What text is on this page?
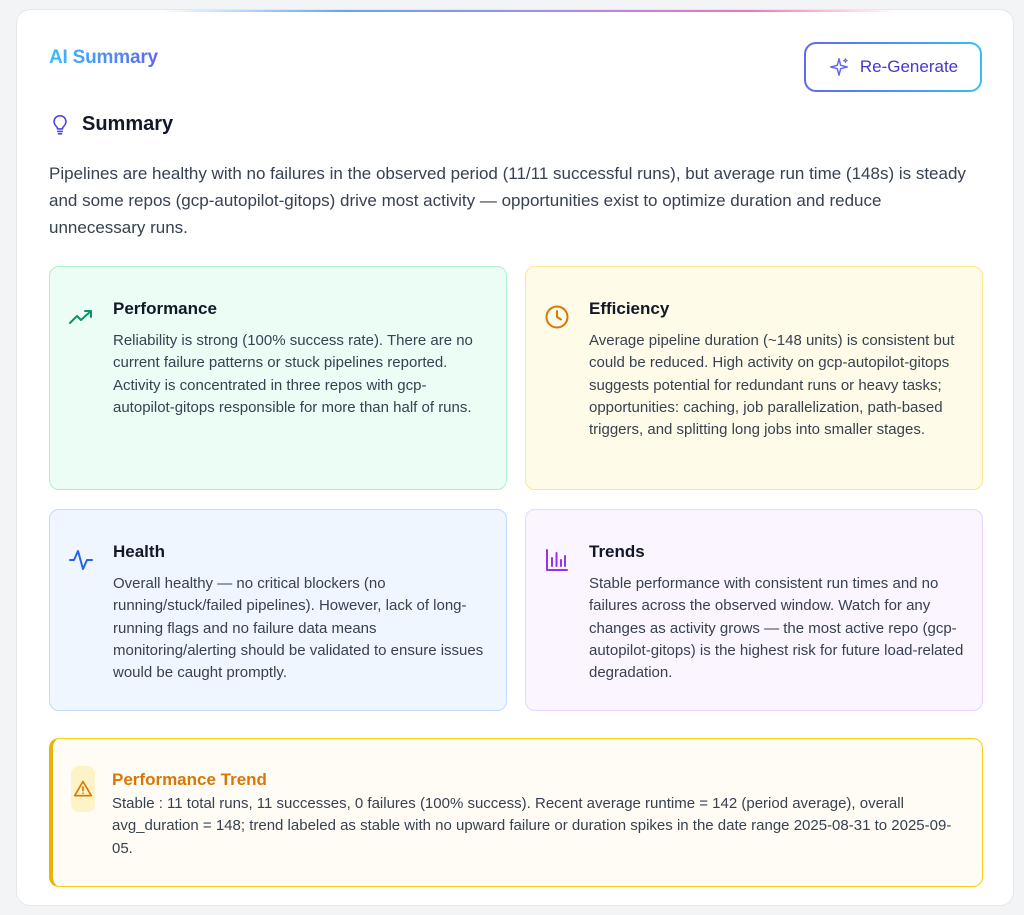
AI Summary	Re-Generate
Summary
Pipelines are healthy with no failures in the observed period (11/11 successful runs), but average run time (148s) is steady and some repos (gcp-autopilot-gitops) drive most activity — opportunities exist to optimize duration and reduce unnecessary runs.
Performance
Reliability is strong (100% success rate). There are no current failure patterns or stuck pipelines reported. Activity is concentrated in three repos with gcp-autopilot-gitops responsible for more than half of runs.
Efficiency
Average pipeline duration (~148 units) is consistent but could be reduced. High activity on gcp-autopilot-gitops suggests potential for redundant runs or heavy tasks; opportunities: caching, job parallelization, path-based triggers, and splitting long jobs into smaller stages.
Health
Overall healthy — no critical blockers (no running/stuck/failed pipelines). However, lack of long-running flags and no failure data means monitoring/alerting should be validated to ensure issues would be caught promptly.
Trends
Stable performance with consistent run times and no failures across the observed window. Watch for any changes as activity grows — the most active repo (gcp-autopilot-gitops) is the highest risk for future load-related degradation.
Performance Trend
Stable : 11 total runs, 11 successes, 0 failures (100% success). Recent average runtime = 142 (period average), overall avg_duration = 148; trend labeled as stable with no upward failure or duration spikes in the date range 2025-08-31 to 2025-09-05.
